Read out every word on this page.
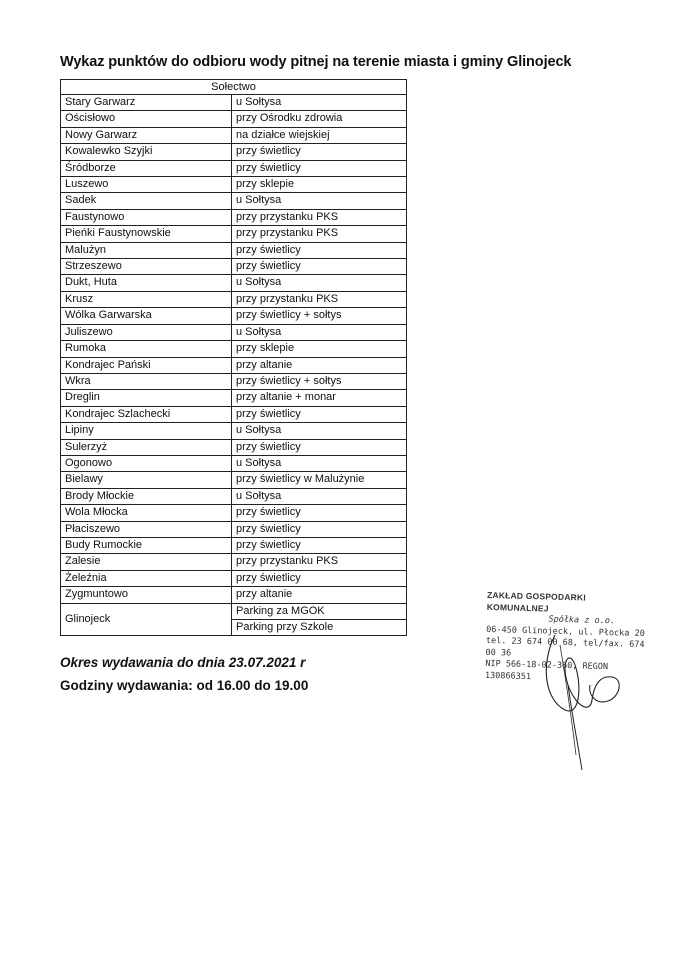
Wykaz punktów do odbioru wody pitnej na terenie miasta i gminy Glinojeck
Sołectwo	
Stary Garwarz	u Sołtysa
Ościsłowo	przy Ośrodku zdrowia
Nowy Garwarz	na działce wiejskiej
Kowalewko Szyjki	przy świetlicy
Śródborze	przy świetlicy
Luszewo	przy sklepie
Sadek	u Sołtysa
Faustynowo	przy przystanku PKS
Pieńki Faustynowskie	przy przystanku PKS
Malużyn	przy świetlicy
Strzeszewo	przy świetlicy
Dukt, Huta	u Sołtysa
Krusz	przy przystanku PKS
Wólka Garwarska	przy świetlicy + sołtys
Juliszewo	u Sołtysa
Rumoka	przy sklepie
Kondrajec Pański	przy altanie
Wkra	przy świetlicy + sołtys
Dreglin	przy altanie + monar
Kondrajec Szlachecki	przy świetlicy
Lipiny	u Sołtysa
Sulerzyż	przy świetlicy
Ogonowo	u Sołtysa
Bielawy	przy świetlicy w Malużynie
Brody Młockie	u Sołtysa
Wola Młocka	przy świetlicy
Płaciszewo	przy świetlicy
Budy Rumockie	przy świetlicy
Zalesie	przy przystanku PKS
Żeleźnia	przy świetlicy
Zygmuntowo	przy altanie
Glinojeck	Parking za MGOK
	Parking przy Szkole
Okres wydawania do dnia 23.07.2021 r
Godziny wydawania: od 16.00 do 19.00
ZAKŁAD GOSPODARKI KOMUNALNEJ
Spółka z o.o.
06-450 Glinojeck, ul. Płocka 20
tel. 23 674 00 68, tel/fax. 674 00 36
NIP 566-18-02-360, REGON 130866351
